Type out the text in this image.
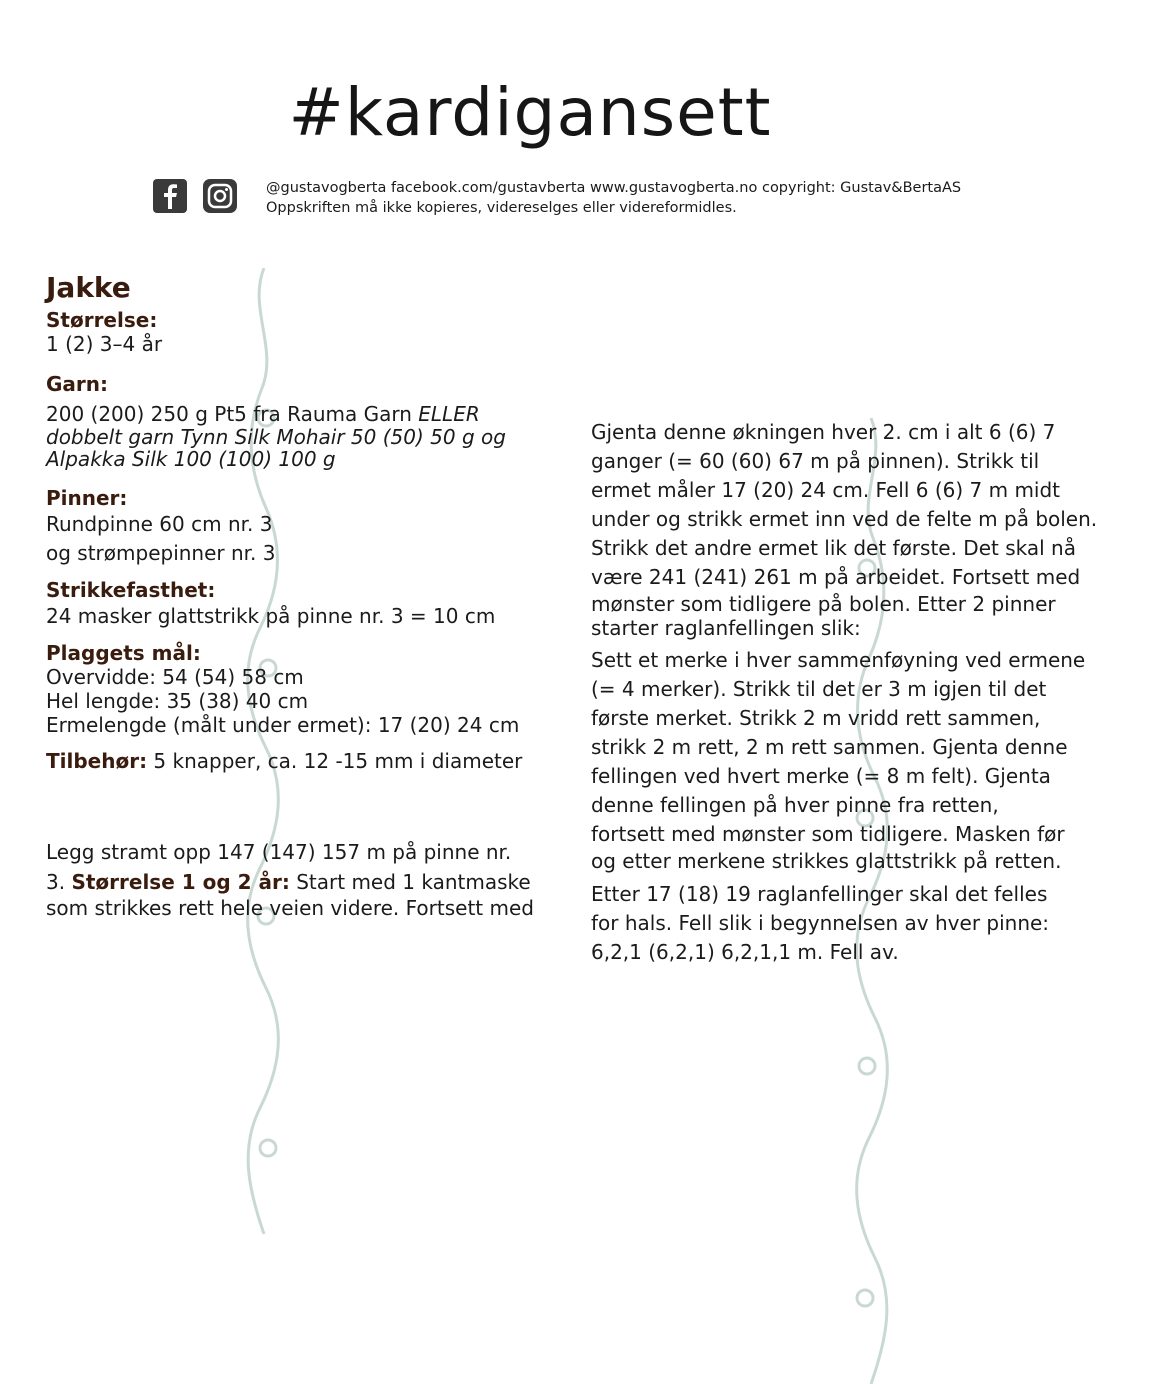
#kardigansett
@gustavogberta facebook.com/gustavberta www.gustavogberta.no copyright: Gustav&BertaAS
Oppskriften må ikke kopieres, videreselges eller videreformidles.
Jakke
Størrelse:
1 (2) 3–4 år
Garn:
200 (200) 250 g Pt5 fra Rauma Garn ELLER
dobbelt garn Tynn Silk Mohair 50 (50) 50 g og
Alpakka Silk 100 (100) 100 g
Pinner:
Rundpinne 60 cm nr. 3
og strømpepinner nr. 3
Strikkefasthet:
24 masker glattstrikk på pinne nr. 3 = 10 cm
Plaggets mål:
Overvidde: 54 (54) 58 cm
Hel lengde: 35 (38) 40 cm
Ermelengde (målt under ermet): 17 (20) 24 cm
Tilbehør: 5 knapper, ca. 12 -15 mm i diameter
Legg stramt opp 147 (147) 157 m på pinne nr.
3. Størrelse 1 og 2 år: Start med 1 kantmaske
som strikkes rett hele veien videre. Fortsett med
Gjenta denne økningen hver 2. cm i alt 6 (6) 7
ganger (= 60 (60) 67 m på pinnen). Strikk til
ermet måler 17 (20) 24 cm. Fell 6 (6) 7 m midt
under og strikk ermet inn ved de felte m på bolen.
Strikk det andre ermet lik det første. Det skal nå
være 241 (241) 261 m på arbeidet. Fortsett med
mønster som tidligere på bolen. Etter 2 pinner
starter raglanfellingen slik:
Sett et merke i hver sammenføyning ved ermene
(= 4 merker). Strikk til det er 3 m igjen til det
første merket. Strikk 2 m vridd rett sammen,
strikk 2 m rett, 2 m rett sammen. Gjenta denne
fellingen ved hvert merke (= 8 m felt). Gjenta
denne fellingen på hver pinne fra retten,
fortsett med mønster som tidligere. Masken før
og etter merkene strikkes glattstrikk på retten.
Etter 17 (18) 19 raglanfellinger skal det felles
for hals. Fell slik i begynnelsen av hver pinne:
6,2,1 (6,2,1) 6,2,1,1 m. Fell av.
